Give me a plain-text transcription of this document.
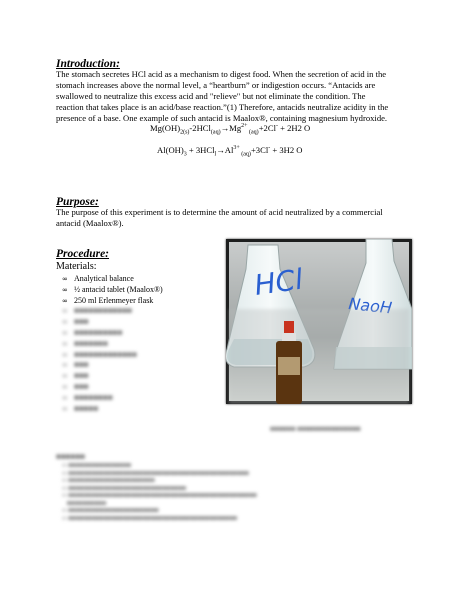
Introduction:
The stomach secretes HCl acid as a mechanism to digest food. When the secretion of acid in the
stomach increases above the normal level, a “heartburn” or indigestion occurs. “Antacids are
swallowed to neutralize this excess acid and "relieve" but not eliminate the condition. The
reaction that takes place is an acid/base reaction.”(1) Therefore, antacids neutralize acidity in the
presence of a base. One example of such antacid is Maalox®, containing magnesium hydroxide.
$Mg(OH)_{2(s)}-2HCl_{(aq)}\to Mg^{2+}$ $_{(aq)}$+2Cl- + 2H2 O
$Al(OH)_3 + 3HCl_l\to Al^{3+}$ $_{(aq)}$+3Cl- + 3H2 O
Purpose:
The purpose of this experiment is to determine the amount of acid neutralized by a commercial
antacid (Maalox®).
Procedure:
Materials:
∞ Analytical balance
∞ ½ antacid tablet (Maalox®)
∞ 250 ml Erlenmeyer flask
∞ ■■■■■■■■■■■■
∞ ■■■
∞ ■■■■■■■■■■
∞ ■■■■■■■
∞ ■■■■■■■■■■■■■
∞ ■■■
∞ ■■■
∞ ■■■
∞ ■■■■■■■■
∞ ■■■■■
HCl
NaoH
■■■■■■ ■■■■■■■■■■■■■■■
■■■■■■
∞ ■■■■■■■■■■■■■■■■
∞ ■■■■■■■■■■■■■■■■■■■■■■■■■■■■■■■■■■■■■■■■■■■■■■
∞ ■■■■■■■■■■■■■■■■■■■■■■
∞ ■■■■■■■■■■■■■■■■■■■■■■■■■■■■■■
∞ ■■■■■■■■■■■■■■■■■■■■■■■■■■■■■■■■■■■■■■■■■■■■■■■■
■■■■■■■■■■
∞ ■■■■■■■■■■■■■■■■■■■■■■■
∞ ■■■■■■■■■■■■■■■■■■■■■■■■■■■■■■■■■■■■■■■■■■■
